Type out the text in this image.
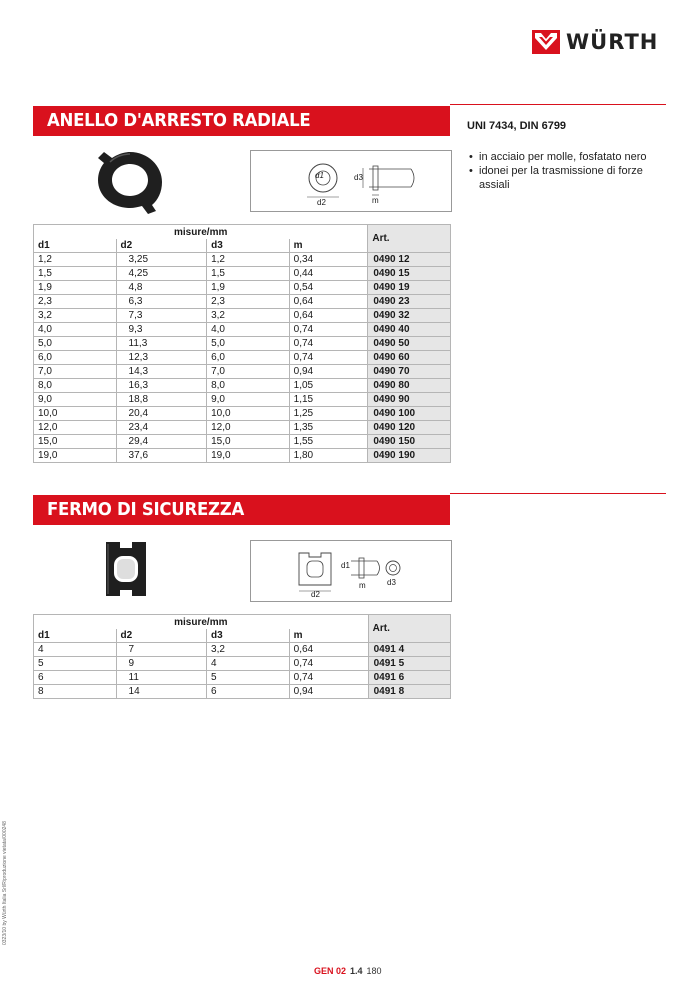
WÜRTH
ANELLO D'ARRESTO RADIALE	UNI 7434, DIN 6799
• in acciaio per molle, fosfatato nero
• idonei per la trasmissione di forze assiali
d1
d2
d3
m
misure/mm				Art.
d1	d2	d3	m	
1,2	3,25	1,2	0,34	0490 12
1,5	4,25	1,5	0,44	0490 15
1,9	4,8	1,9	0,54	0490 19
2,3	6,3	2,3	0,64	0490 23
3,2	7,3	3,2	0,64	0490 32
4,0	9,3	4,0	0,74	0490 40
5,0	11,3	5,0	0,74	0490 50
6,0	12,3	6,0	0,74	0490 60
7,0	14,3	7,0	0,94	0490 70
8,0	16,3	8,0	1,05	0490 80
9,0	18,8	9,0	1,15	0490 90
10,0	20,4	10,0	1,25	0490 100
12,0	23,4	12,0	1,35	0490 120
15,0	29,4	15,0	1,55	0490 150
19,0	37,6	19,0	1,80	0490 190
FERMO DI SICUREZZA
d1
d2
m	d3
misure/mm				Art.
d1	d2	d3	m	
4	7	3,2	0,64	0491 4
5	9	4	0,74	0491 5
6	11	5	0,74	0491 6
8	14	6	0,94	0491 8
0323/10 by Würth Italia Srl/Riproduzione vietata/000248
GEN 02 1.4 180
